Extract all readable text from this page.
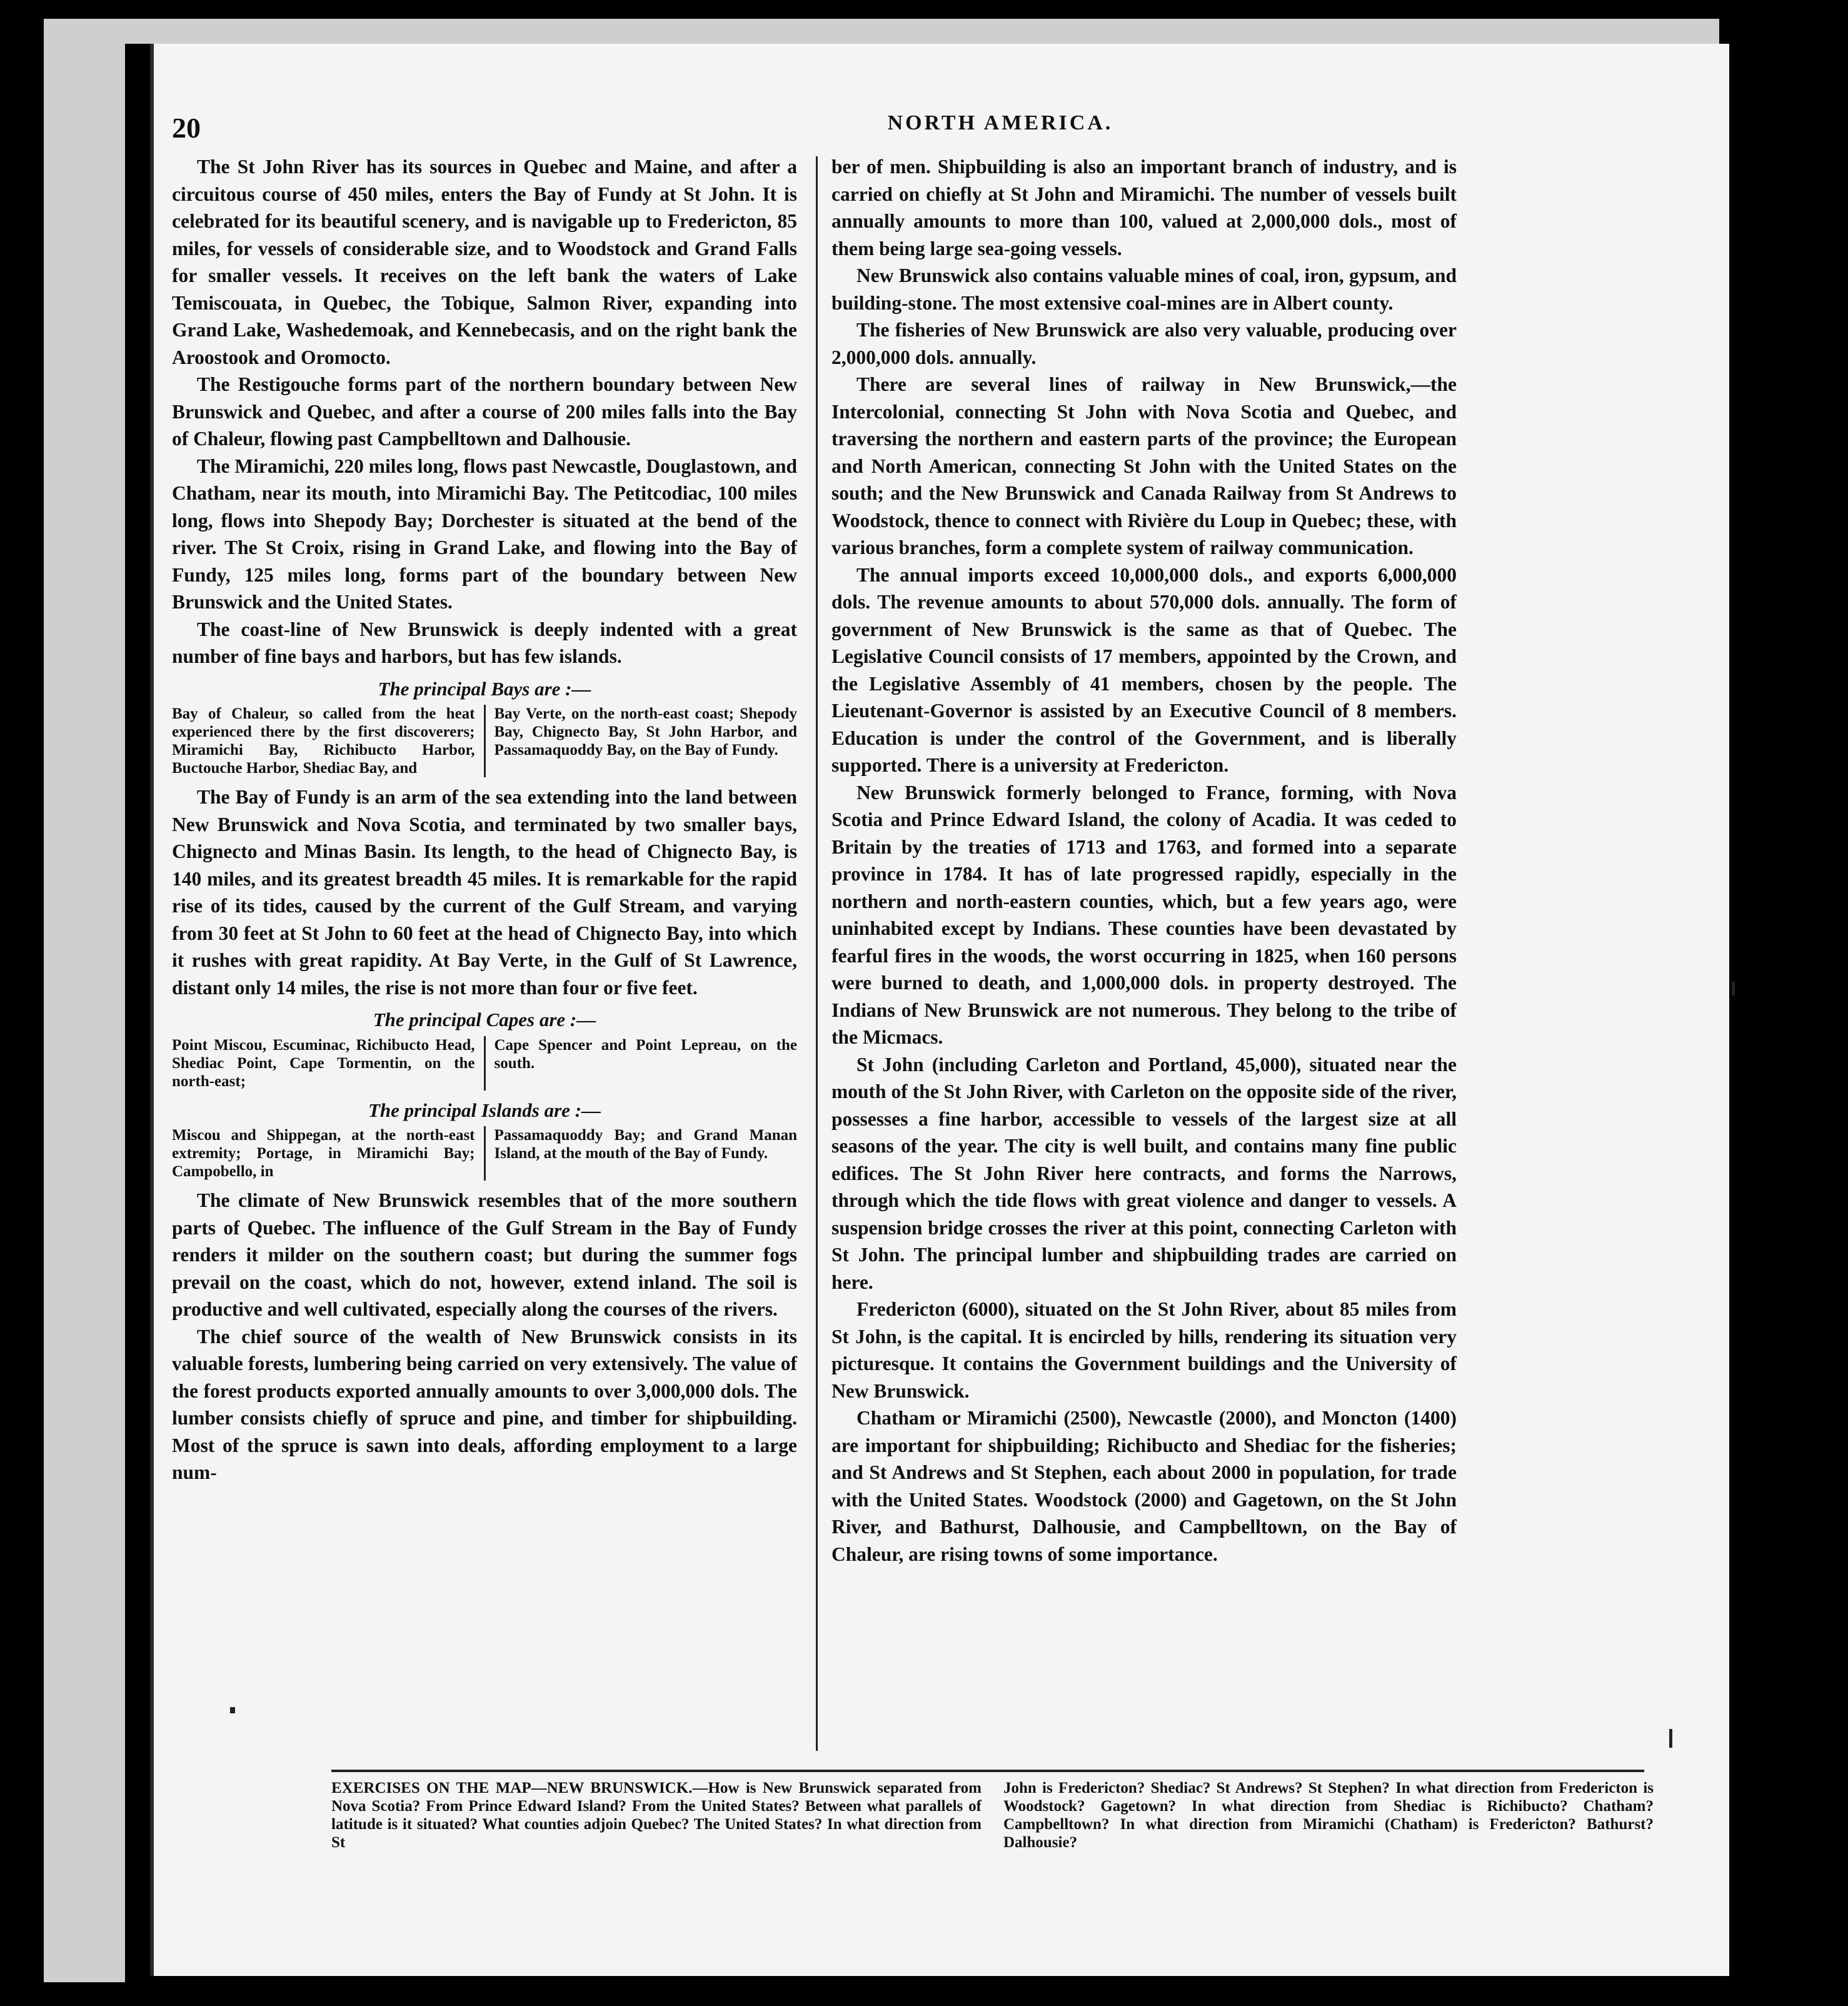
20	NORTH AMERICA.

The St John River has its sources in Quebec and Maine, and after a circuitous course of 450 miles, enters the Bay of Fundy at St John. It is celebrated for its beautiful scenery, and is navigable up to Fredericton, 85 miles, for vessels of considerable size, and to Woodstock and Grand Falls for smaller vessels. It receives on the left bank the waters of Lake Temiscouata, in Quebec, the Tobique, Salmon River, expanding into Grand Lake, Washedemoak, and Kennebecasis, and on the right bank the Aroostook and Oromocto.

The Restigouche forms part of the northern boundary between New Brunswick and Quebec, and after a course of 200 miles falls into the Bay of Chaleur, flowing past Campbelltown and Dalhousie.

The Miramichi, 220 miles long, flows past Newcastle, Douglastown, and Chatham, near its mouth, into Miramichi Bay. The Petitcodiac, 100 miles long, flows into Shepody Bay; Dorchester is situated at the bend of the river. The St Croix, rising in Grand Lake, and flowing into the Bay of Fundy, 125 miles long, forms part of the boundary between New Brunswick and the United States.

The coast-line of New Brunswick is deeply indented with a great number of fine bays and harbors, but has few islands.

The principal Bays are :—
Bay of Chaleur, so called from the heat experienced there by the first discoverers; Miramichi Bay, Richibucto Harbor, Buctouche Harbor, Shediac Bay, and
Bay Verte, on the north-east coast; Shepody Bay, Chignecto Bay, St John Harbor, and Passamaquoddy Bay, on the Bay of Fundy.

The Bay of Fundy is an arm of the sea extending into the land between New Brunswick and Nova Scotia, and terminated by two smaller bays, Chignecto and Minas Basin. Its length, to the head of Chignecto Bay, is 140 miles, and its greatest breadth 45 miles. It is remarkable for the rapid rise of its tides, caused by the current of the Gulf Stream, and varying from 30 feet at St John to 60 feet at the head of Chignecto Bay, into which it rushes with great rapidity. At Bay Verte, in the Gulf of St Lawrence, distant only 14 miles, the rise is not more than four or five feet.

The principal Capes are :—
Point Miscou, Escuminac, Richibucto Head, Shediac Point, Cape Tormentin, on the north-east;
Cape Spencer and Point Lepreau, on the south.
The principal Islands are :—
Miscou and Shippegan, at the north-east extremity; Portage, in Miramichi Bay; Campobello, in
Passamaquoddy Bay; and Grand Manan Island, at the mouth of the Bay of Fundy.

The climate of New Brunswick resembles that of the more southern parts of Quebec. The influence of the Gulf Stream in the Bay of Fundy renders it milder on the southern coast; but during the summer fogs prevail on the coast, which do not, however, extend inland. The soil is productive and well cultivated, especially along the courses of the rivers.

The chief source of the wealth of New Brunswick consists in its valuable forests, lumbering being carried on very extensively. The value of the forest products exported annually amounts to over 3,000,000 dols. The lumber consists chiefly of spruce and pine, and timber for shipbuilding. Most of the spruce is sawn into deals, affording employment to a large num-

ber of men. Shipbuilding is also an important branch of industry, and is carried on chiefly at St John and Miramichi. The number of vessels built annually amounts to more than 100, valued at 2,000,000 dols., most of them being large sea-going vessels.

New Brunswick also contains valuable mines of coal, iron, gypsum, and building-stone. The most extensive coal-mines are in Albert county.

The fisheries of New Brunswick are also very valuable, producing over 2,000,000 dols. annually.

There are several lines of railway in New Brunswick,—the Intercolonial, connecting St John with Nova Scotia and Quebec, and traversing the northern and eastern parts of the province; the European and North American, connecting St John with the United States on the south; and the New Brunswick and Canada Railway from St Andrews to Woodstock, thence to connect with Rivière du Loup in Quebec; these, with various branches, form a complete system of railway communication.

The annual imports exceed 10,000,000 dols., and exports 6,000,000 dols. The revenue amounts to about 570,000 dols. annually. The form of government of New Brunswick is the same as that of Quebec. The Legislative Council consists of 17 members, appointed by the Crown, and the Legislative Assembly of 41 members, chosen by the people. The Lieutenant-Governor is assisted by an Executive Council of 8 members. Education is under the control of the Government, and is liberally supported. There is a university at Fredericton.

New Brunswick formerly belonged to France, forming, with Nova Scotia and Prince Edward Island, the colony of Acadia. It was ceded to Britain by the treaties of 1713 and 1763, and formed into a separate province in 1784. It has of late progressed rapidly, especially in the northern and north-eastern counties, which, but a few years ago, were uninhabited except by Indians. These counties have been devastated by fearful fires in the woods, the worst occurring in 1825, when 160 persons were burned to death, and 1,000,000 dols. in property destroyed. The Indians of New Brunswick are not numerous. They belong to the tribe of the Micmacs.

St John (including Carleton and Portland, 45,000), situated near the mouth of the St John River, with Carleton on the opposite side of the river, possesses a fine harbor, accessible to vessels of the largest size at all seasons of the year. The city is well built, and contains many fine public edifices. The St John River here contracts, and forms the Narrows, through which the tide flows with great violence and danger to vessels. A suspension bridge crosses the river at this point, connecting Carleton with St John. The principal lumber and shipbuilding trades are carried on here.

Fredericton (6000), situated on the St John River, about 85 miles from St John, is the capital. It is encircled by hills, rendering its situation very picturesque. It contains the Government buildings and the University of New Brunswick.

Chatham or Miramichi (2500), Newcastle (2000), and Moncton (1400) are important for shipbuilding; Richibucto and Shediac for the fisheries; and St Andrews and St Stephen, each about 2000 in population, for trade with the United States. Woodstock (2000) and Gagetown, on the St John River, and Bathurst, Dalhousie, and Campbelltown, on the Bay of Chaleur, are rising towns of some importance.

EXERCISES ON THE MAP—NEW BRUNSWICK.—How is New Brunswick separated from Nova Scotia? From Prince Edward Island? From the United States? Between what parallels of latitude is it situated? What counties adjoin Quebec? The United States? In what direction from St
John is Fredericton? Shediac? St Andrews? St Stephen? In what direction from Fredericton is Woodstock? Gagetown? In what direction from Shediac is Richibucto? Chatham? Campbelltown? In what direction from Miramichi (Chatham) is Fredericton? Bathurst? Dalhousie?
